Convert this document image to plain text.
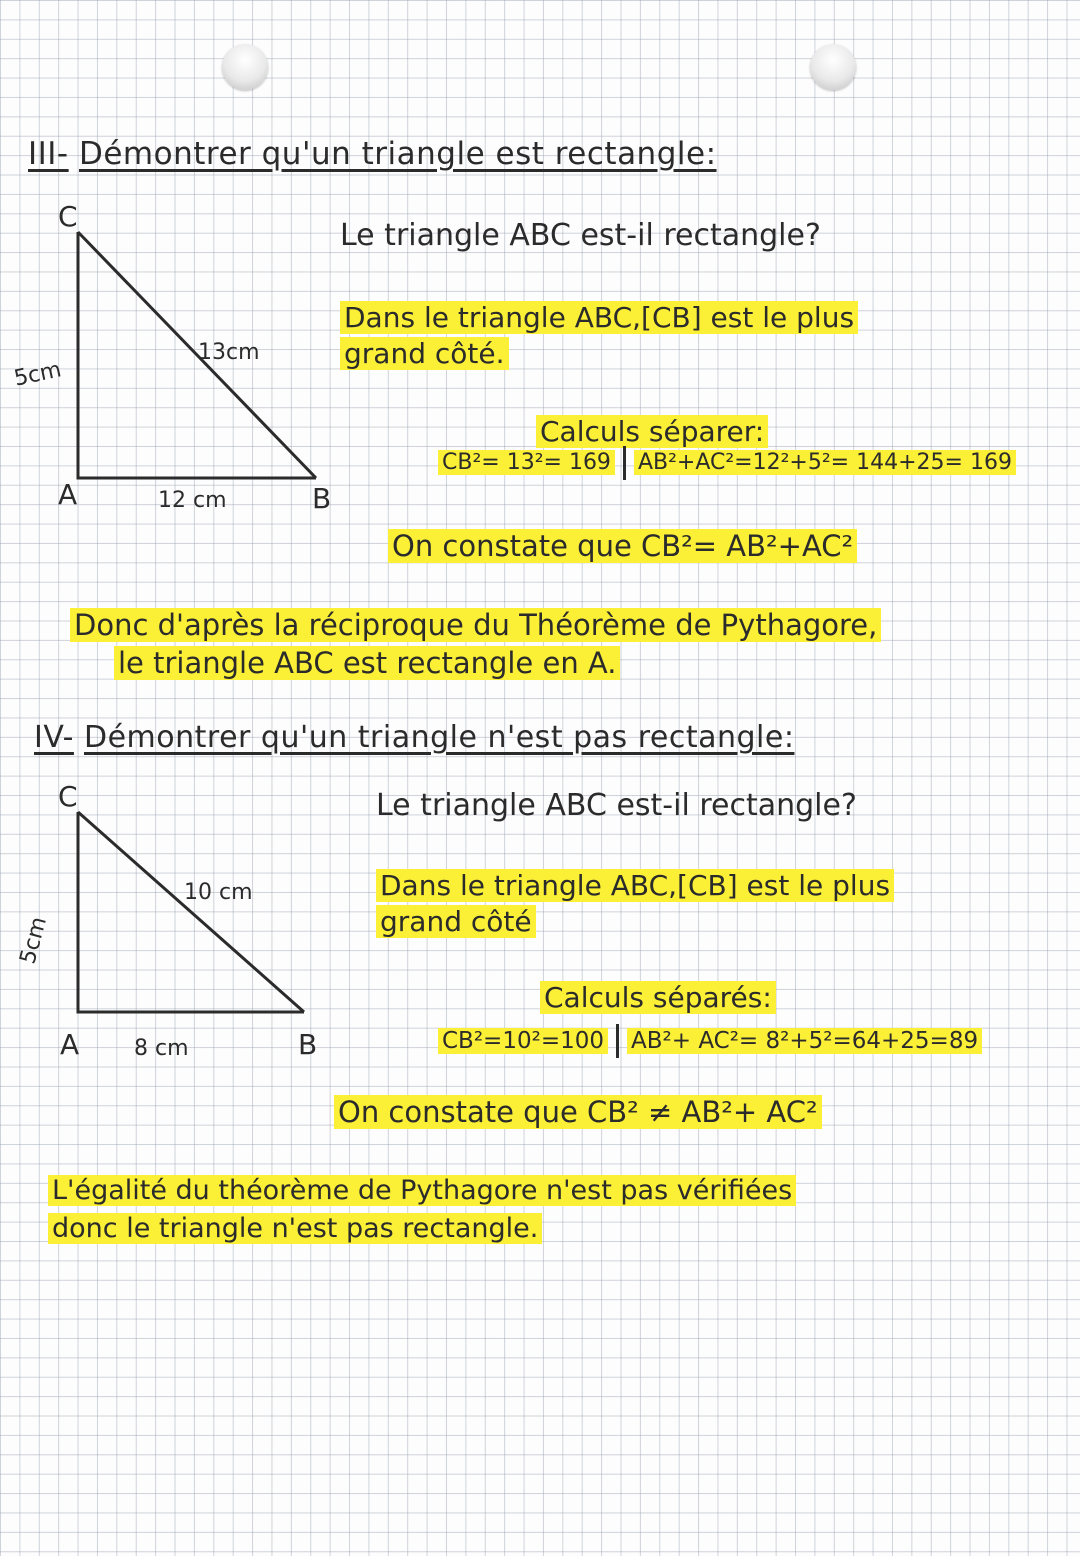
III- Démontrer qu'un triangle est rectangle:
C
A	B
5cm
12 cm
13cm
Le triangle ABC est-il rectangle?
Dans le triangle ABC,[CB] est le plus
grand côté.
Calculs séparer:
CB²= 13²= 169 AB²+AC²=12²+5²= 144+25= 169
On constate que CB²= AB²+AC²
Donc d'après la réciproque du Théorème de Pythagore,
le triangle ABC est rectangle en A.
IV- Démontrer qu'un triangle n'est pas rectangle:
C
A	B
5cm
8 cm
10 cm
Le triangle ABC est-il rectangle?
Dans le triangle ABC,[CB] est le plus
grand côté
Calculs séparés:
CB²=10²=100 AB²+ AC²= 8²+5²=64+25=89
On constate que CB² ≠ AB²+ AC²
L'égalité du théorème de Pythagore n'est pas vérifiées
donc le triangle n'est pas rectangle.
